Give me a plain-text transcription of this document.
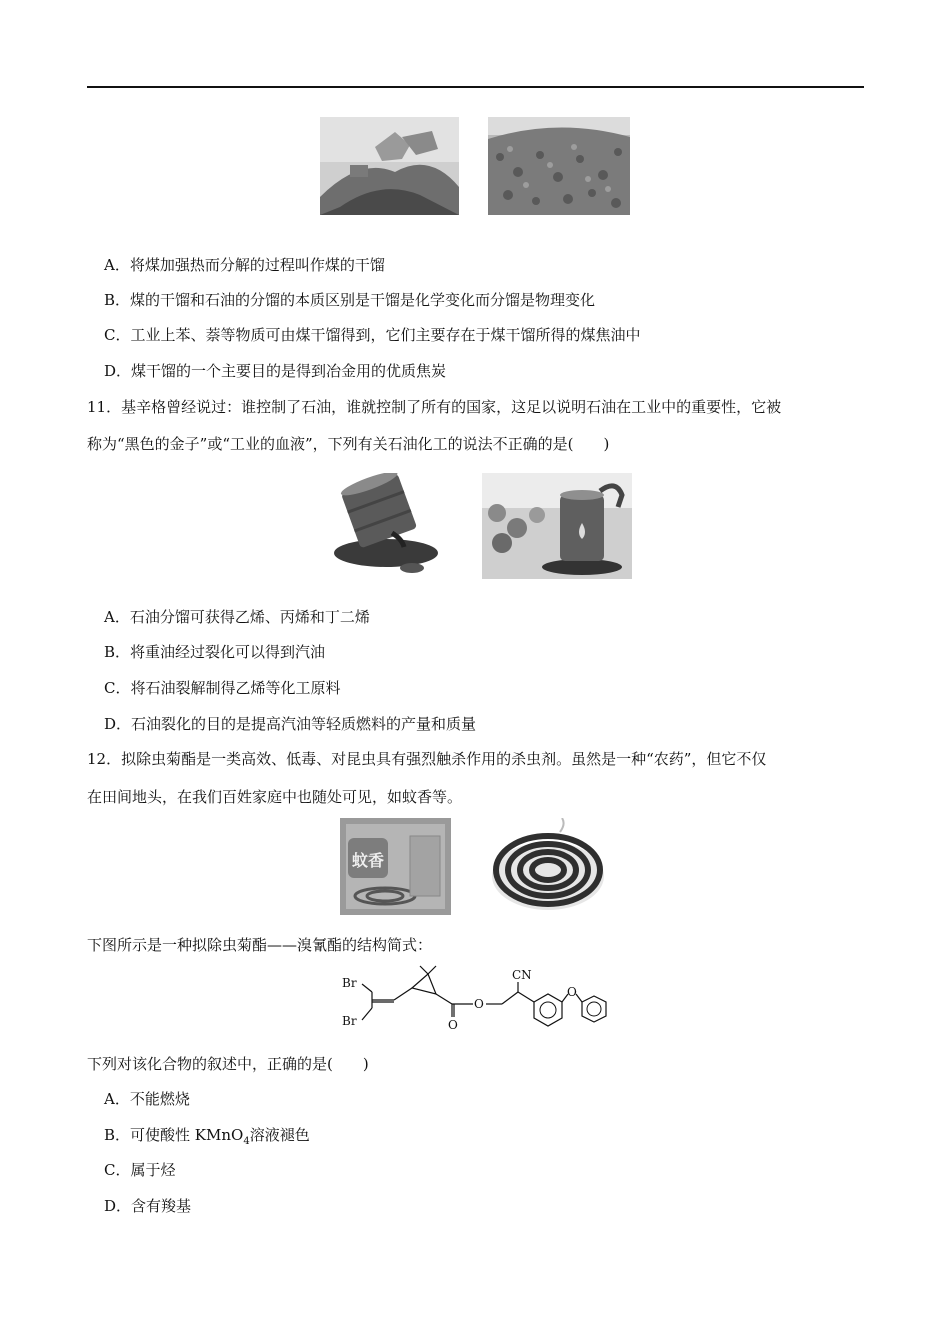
A．将煤加强热而分解的过程叫作煤的干馏
B．煤的干馏和石油的分馏的本质区别是干馏是化学变化而分馏是物理变化
C．工业上苯、萘等物质可由煤干馏得到，它们主要存在于煤干馏所得的煤焦油中
D．煤干馏的一个主要目的是得到冶金用的优质焦炭
11．基辛格曾经说过：谁控制了石油，谁就控制了所有的国家，这足以说明石油在工业中的重要性，它被
称为“黑色的金子”或“工业的血液”，下列有关石油化工的说法不正确的是(　　)
A．石油分馏可获得乙烯、丙烯和丁二烯
B．将重油经过裂化可以得到汽油
C．将石油裂解制得乙烯等化工原料
D．石油裂化的目的是提高汽油等轻质燃料的产量和质量
12．拟除虫菊酯是一类高效、低毒、对昆虫具有强烈触杀作用的杀虫剂。虽然是一种“农药”，但它不仅
在田间地头，在我们百姓家庭中也随处可见，如蚊香等。
蚊香
下图所示是一种拟除虫菊酯——溴氰酯的结构简式：
Br
Br	O
O
CN
O
下列对该化合物的叙述中，正确的是(　　)
A．不能燃烧
B．可使酸性 KMnO$_4$溶液褪色
C．属于烃
D．含有羧基
